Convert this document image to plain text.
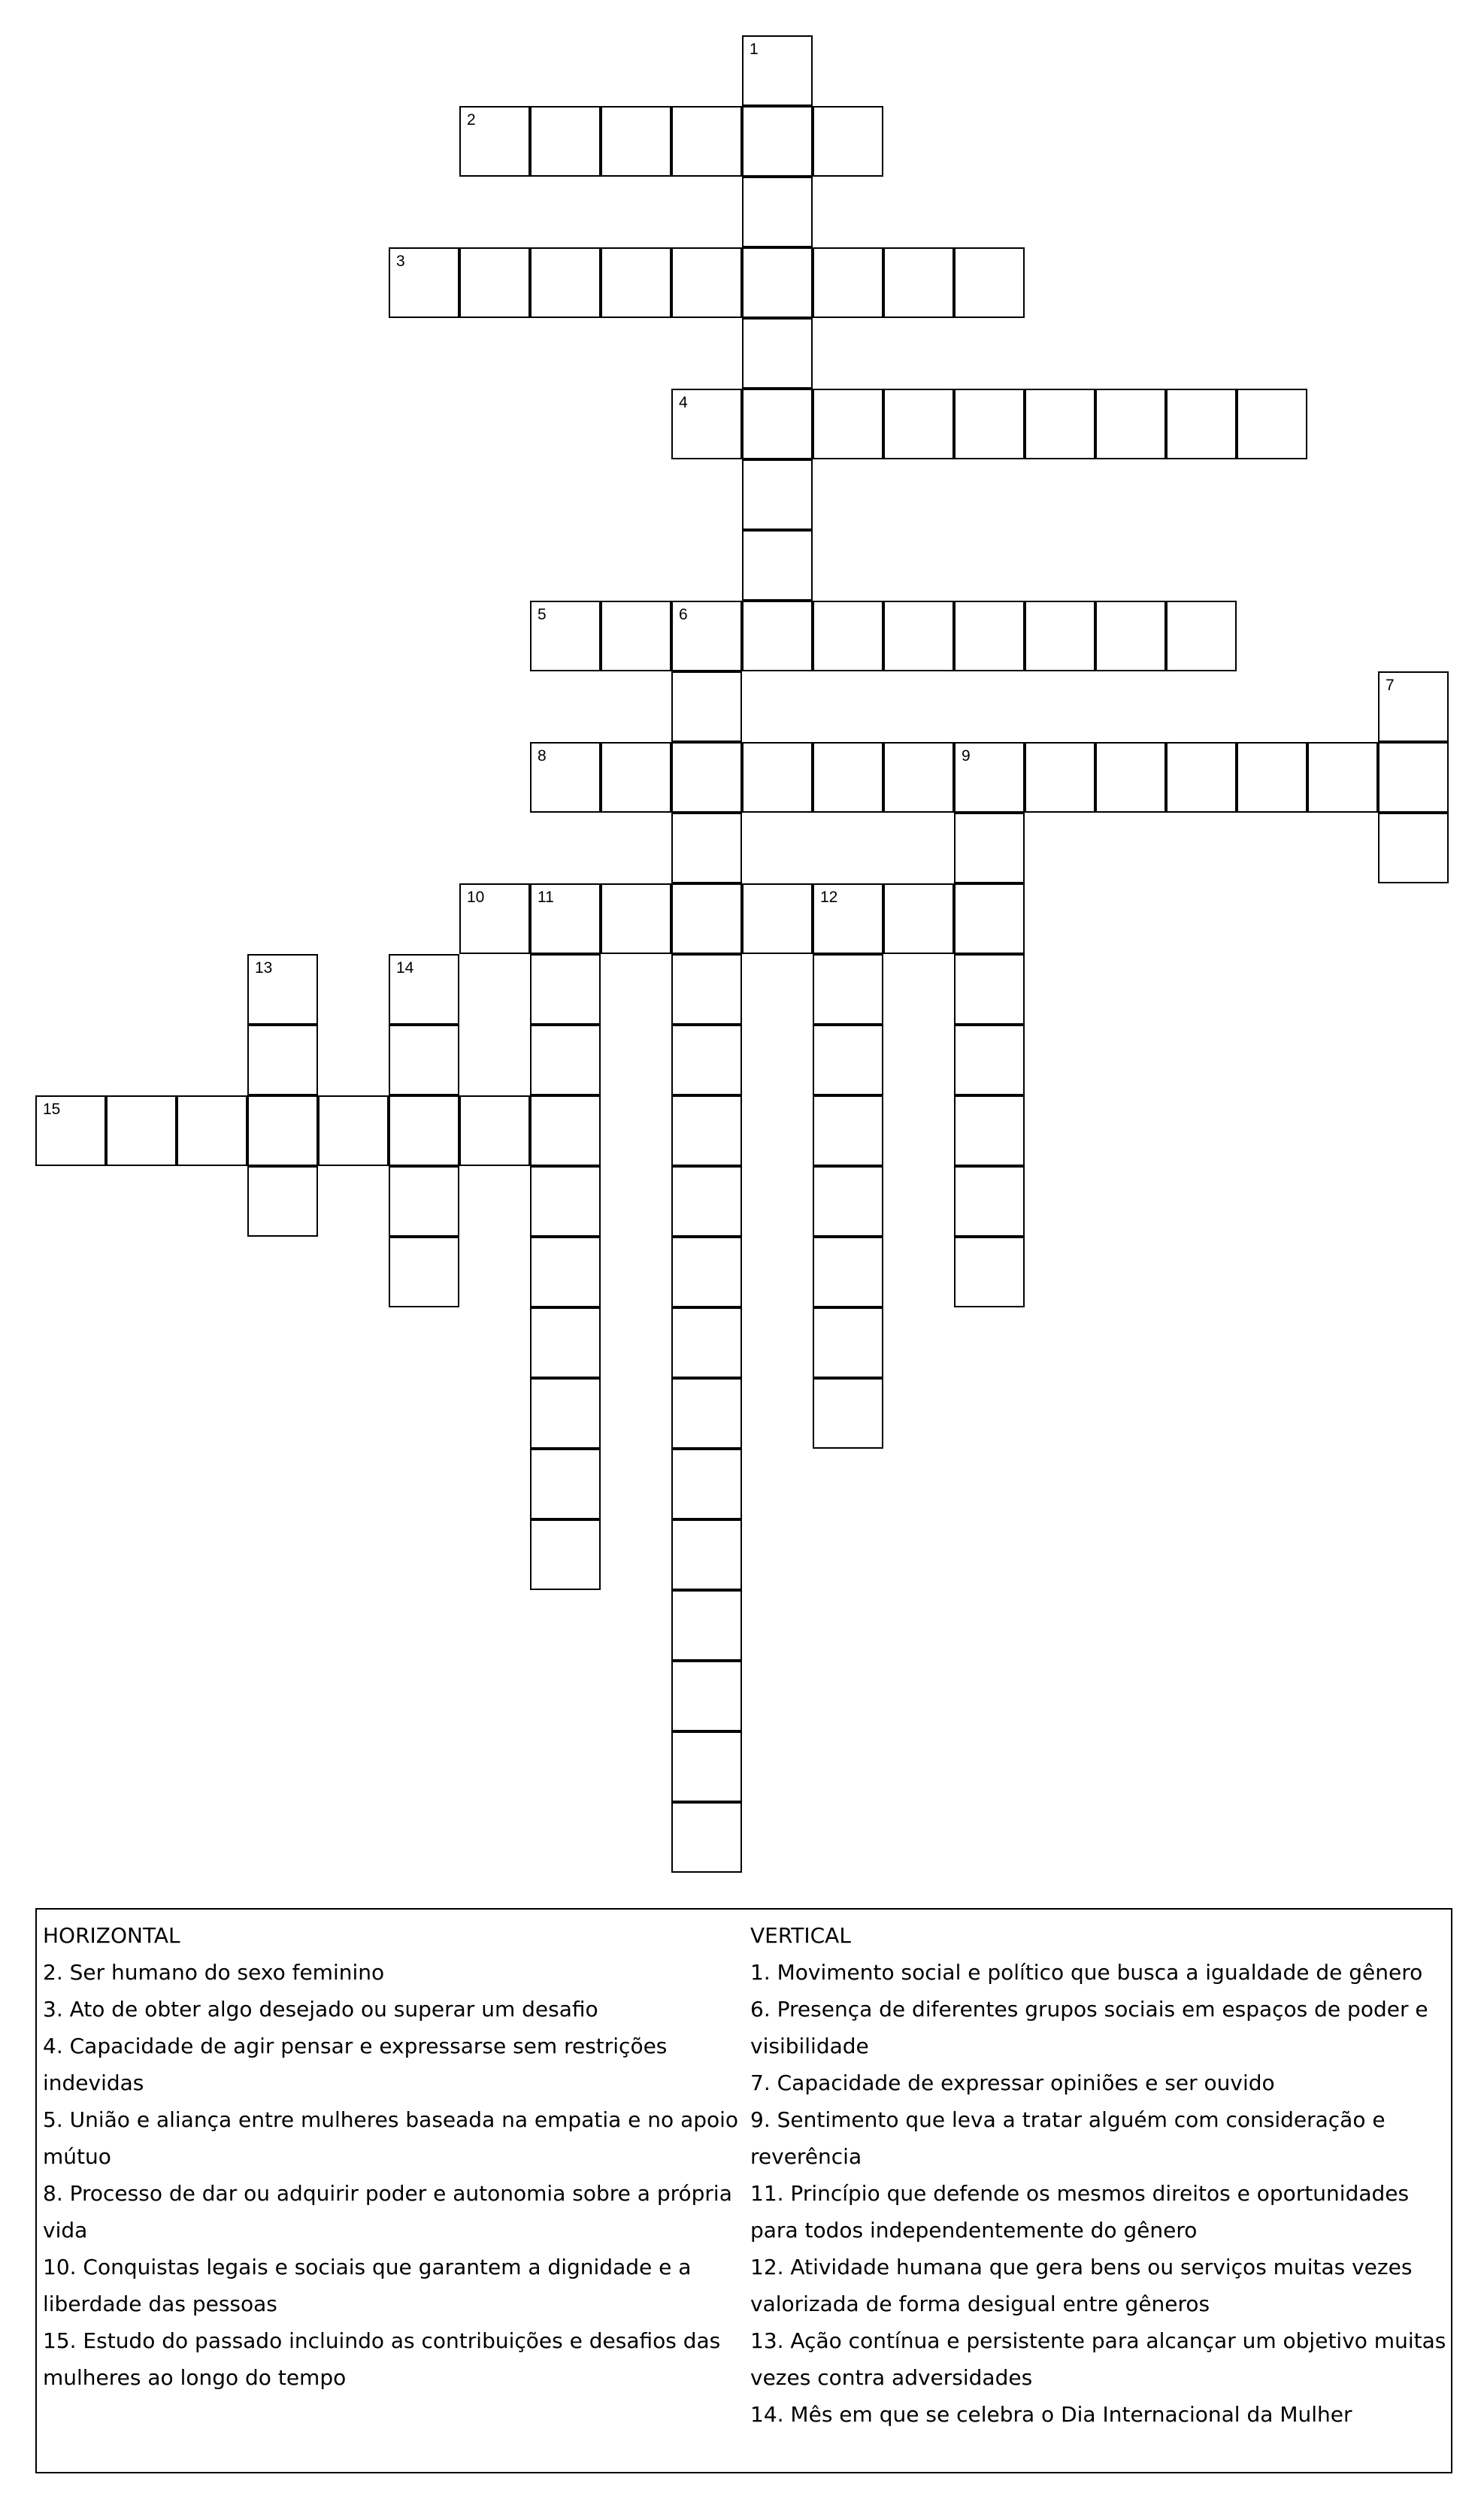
1
2
3
4
5	6
7
8	9
10	11	12
13	14
15
HORIZONTAL
2. Ser humano do sexo feminino
3. Ato de obter algo desejado ou superar um desafio
4. Capacidade de agir pensar e expressarse sem restrições indevidas
5. União e aliança entre mulheres baseada na empatia e no apoio mútuo
8. Processo de dar ou adquirir poder e autonomia sobre a própria vida
10. Conquistas legais e sociais que garantem a dignidade e a liberdade das pessoas
15. Estudo do passado incluindo as contribuições e desafios das mulheres ao longo do tempo
VERTICAL
1. Movimento social e político que busca a igualdade de gênero
6. Presença de diferentes grupos sociais em espaços de poder e visibilidade
7. Capacidade de expressar opiniões e ser ouvido
9. Sentimento que leva a tratar alguém com consideração e reverência
11. Princípio que defende os mesmos direitos e oportunidades para todos independentemente do gênero
12. Atividade humana que gera bens ou serviços muitas vezes valorizada de forma desigual entre gêneros
13. Ação contínua e persistente para alcançar um objetivo muitas vezes contra adversidades
14. Mês em que se celebra o Dia Internacional da Mulher
